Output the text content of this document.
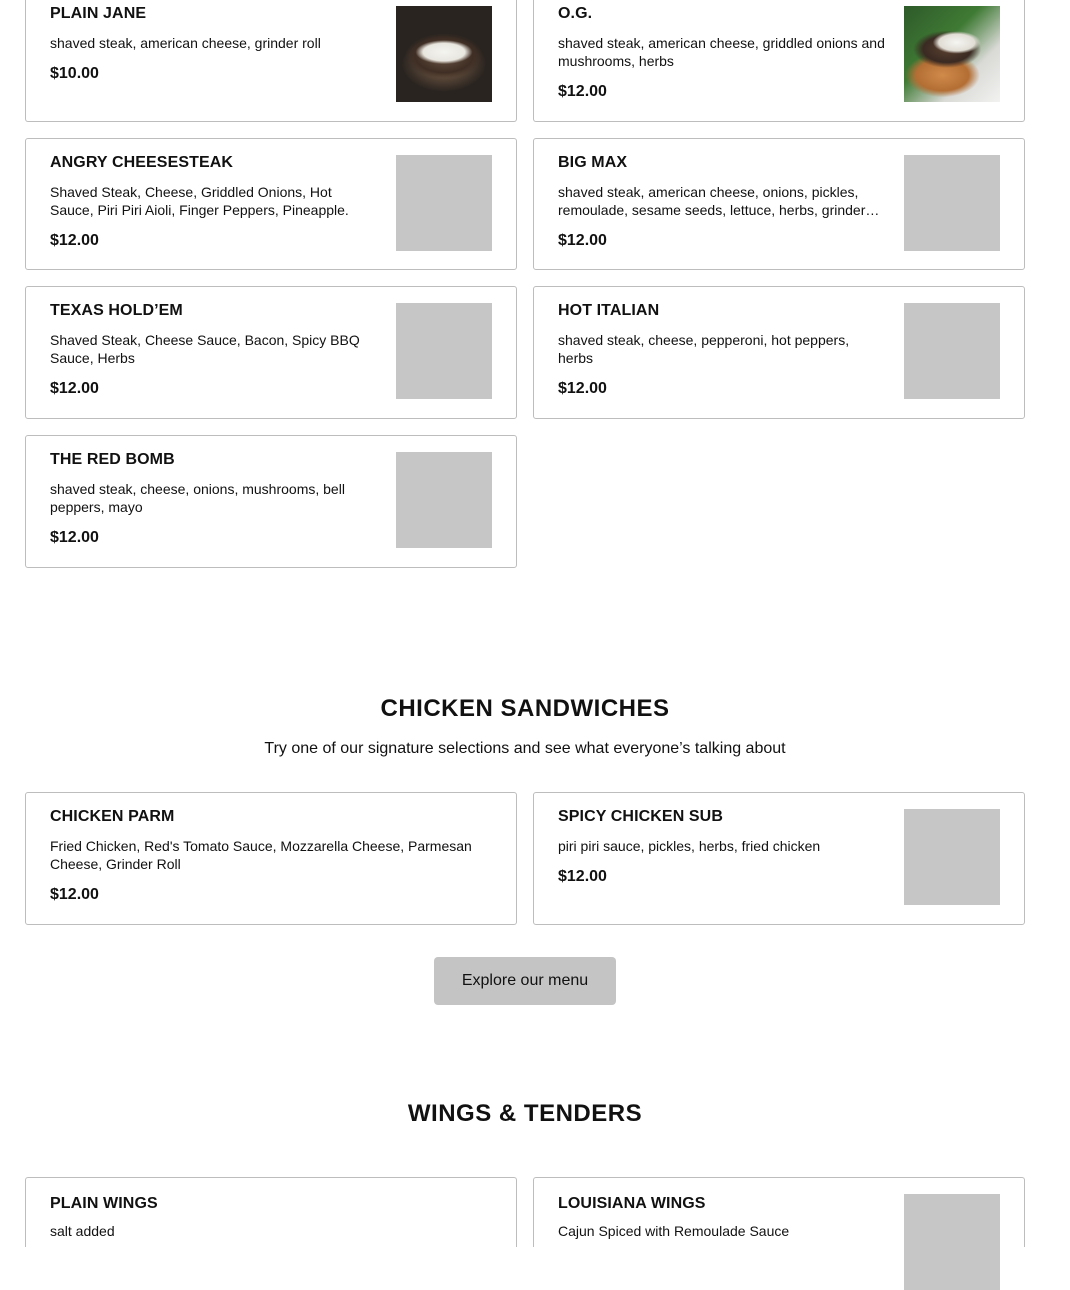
PLAIN JANE

shaved steak, american cheese, grinder roll

$10.00

O.G.

shaved steak, american cheese, griddled onions and mushrooms, herbs

$12.00

ANGRY CHEESESTEAK

Shaved Steak, Cheese, Griddled Onions, Hot Sauce, Piri Piri Aioli, Finger Peppers, Pineapple.

$12.00

BIG MAX

shaved steak, american cheese, onions, pickles, remoulade, sesame seeds, lettuce, herbs, grinder…

$12.00

TEXAS HOLD’EM

Shaved Steak, Cheese Sauce, Bacon, Spicy BBQ Sauce, Herbs

$12.00

HOT ITALIAN

shaved steak, cheese, pepperoni, hot peppers, herbs

$12.00

THE RED BOMB

shaved steak, cheese, onions, mushrooms, bell peppers, mayo

$12.00

CHICKEN SANDWICHES

Try one of our signature selections and see what everyone’s talking about

CHICKEN PARM

Fried Chicken, Red's Tomato Sauce, Mozzarella Cheese, Parmesan Cheese, Grinder Roll

$12.00

SPICY CHICKEN SUB

piri piri sauce, pickles, herbs, fried chicken

$12.00

Explore our menu
WINGS & TENDERS

PLAIN WINGS

salt added

LOUISIANA WINGS

Cajun Spiced with Remoulade Sauce
